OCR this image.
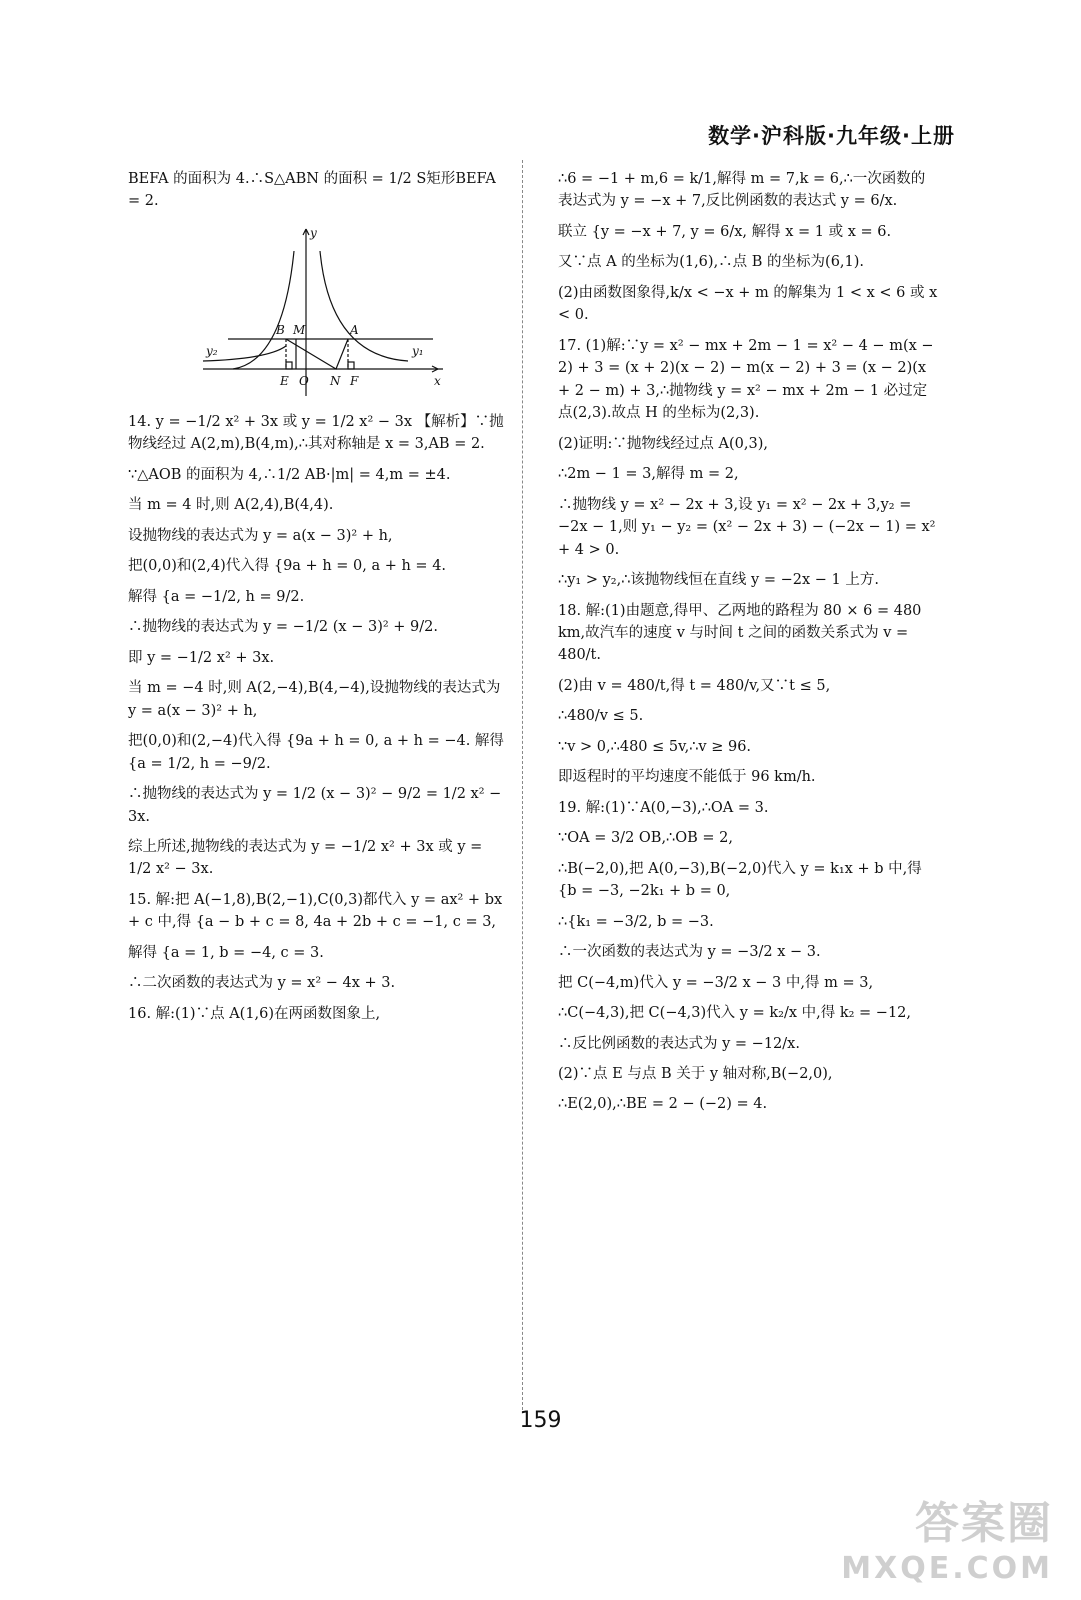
数学·沪科版·九年级·上册

BEFA 的面积为 4.∴S△ABN 的面积 = 1/2 S矩形BEFA = 2.

y
x
O
B M	A
E	N F
y₁
y₂

14. y = −1/2 x² + 3x 或 y = 1/2 x² − 3x 【解析】∵抛物线经过 A(2,m),B(4,m),∴其对称轴是 x = 3,AB = 2.

∵△AOB 的面积为 4,∴1/2 AB·|m| = 4,m = ±4.

当 m = 4 时,则 A(2,4),B(4,4).

设抛物线的表达式为 y = a(x − 3)² + h,

把(0,0)和(2,4)代入得 {9a + h = 0, a + h = 4.

解得 {a = −1/2, h = 9/2.

∴抛物线的表达式为 y = −1/2 (x − 3)² + 9/2.

即 y = −1/2 x² + 3x.

当 m = −4 时,则 A(2,−4),B(4,−4),设抛物线的表达式为 y = a(x − 3)² + h,

把(0,0)和(2,−4)代入得 {9a + h = 0, a + h = −4. 解得 {a = 1/2, h = −9/2.

∴抛物线的表达式为 y = 1/2 (x − 3)² − 9/2 = 1/2 x² − 3x.

综上所述,抛物线的表达式为 y = −1/2 x² + 3x 或 y = 1/2 x² − 3x.

15. 解:把 A(−1,8),B(2,−1),C(0,3)都代入 y = ax² + bx + c 中,得 {a − b + c = 8, 4a + 2b + c = −1, c = 3,

解得 {a = 1, b = −4, c = 3.

∴二次函数的表达式为 y = x² − 4x + 3.

16. 解:(1)∵点 A(1,6)在两函数图象上,

∴6 = −1 + m,6 = k/1,解得 m = 7,k = 6,∴一次函数的表达式为 y = −x + 7,反比例函数的表达式 y = 6/x.

联立 {y = −x + 7, y = 6/x, 解得 x = 1 或 x = 6.

又∵点 A 的坐标为(1,6),∴点 B 的坐标为(6,1).

(2)由函数图象得,k/x < −x + m 的解集为 1 < x < 6 或 x < 0.

17. (1)解:∵y = x² − mx + 2m − 1 = x² − 4 − m(x − 2) + 3 = (x + 2)(x − 2) − m(x − 2) + 3 = (x − 2)(x + 2 − m) + 3,∴抛物线 y = x² − mx + 2m − 1 必过定点(2,3).故点 H 的坐标为(2,3).

(2)证明:∵抛物线经过点 A(0,3),

∴2m − 1 = 3,解得 m = 2,

∴抛物线 y = x² − 2x + 3,设 y₁ = x² − 2x + 3,y₂ = −2x − 1,则 y₁ − y₂ = (x² − 2x + 3) − (−2x − 1) = x² + 4 > 0.

∴y₁ > y₂,∴该抛物线恒在直线 y = −2x − 1 上方.

18. 解:(1)由题意,得甲、乙两地的路程为 80 × 6 = 480 km,故汽车的速度 v 与时间 t 之间的函数关系式为 v = 480/t.

(2)由 v = 480/t,得 t = 480/v,又∵t ≤ 5,

∴480/v ≤ 5.

∵v > 0,∴480 ≤ 5v,∴v ≥ 96.

即返程时的平均速度不能低于 96 km/h.

19. 解:(1)∵A(0,−3),∴OA = 3.

∵OA = 3/2 OB,∴OB = 2,

∴B(−2,0),把 A(0,−3),B(−2,0)代入 y = k₁x + b 中,得 {b = −3, −2k₁ + b = 0,

∴{k₁ = −3/2, b = −3.

∴一次函数的表达式为 y = −3/2 x − 3.

把 C(−4,m)代入 y = −3/2 x − 3 中,得 m = 3,

∴C(−4,3),把 C(−4,3)代入 y = k₂/x 中,得 k₂ = −12,

∴反比例函数的表达式为 y = −12/x.

(2)∵点 E 与点 B 关于 y 轴对称,B(−2,0),

∴E(2,0),∴BE = 2 − (−2) = 4.

159
答案圈
MXQE.COM
